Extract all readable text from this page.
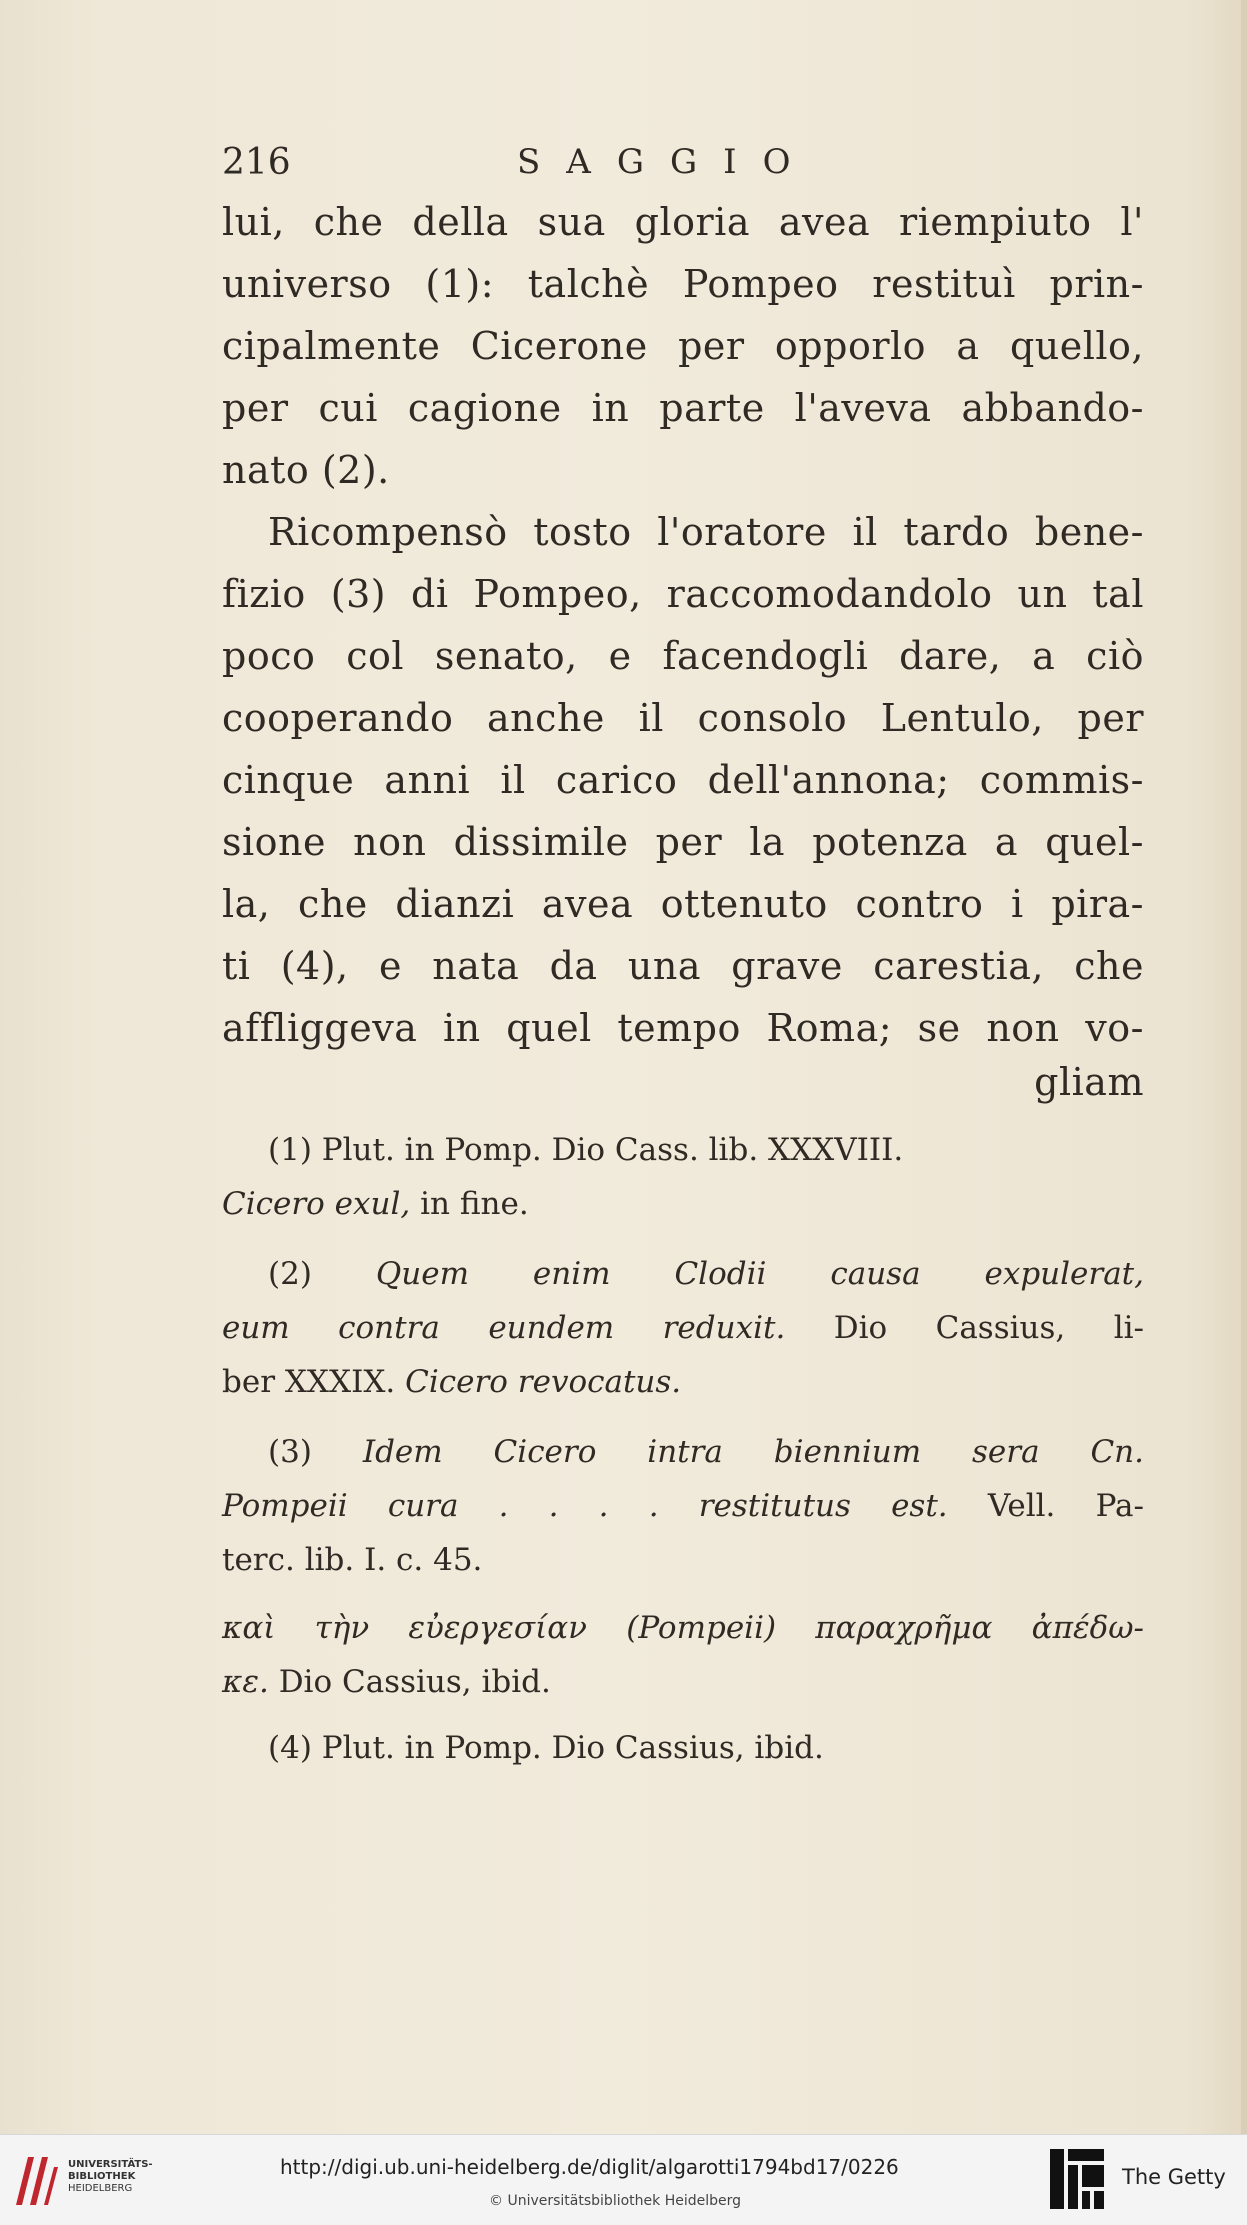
216	SAGGIO
lui, che della sua gloria avea riempiuto l'
universo (1): talchè Pompeo restituì prin-
cipalmente Cicerone per opporlo a quello,
per cui cagione in parte l'aveva abbando-
nato (2).
Ricompensò tosto l'oratore il tardo bene-
fizio (3) di Pompeo, raccomodandolo un tal
poco col senato, e facendogli dare, a ciò
cooperando anche il consolo Lentulo, per
cinque anni il carico dell'annona; commis-
sione non dissimile per la potenza a quel-
la, che dianzi avea ottenuto contro i pira-
ti (4), e nata da una grave carestia, che
affliggeva in quel tempo Roma; se non vo-
gliam
(1) Plut. in Pomp. Dio Cass. lib. XXXVIII.
Cicero exul, in fine.
(2) Quem enim Clodii causa expulerat,
eum contra eundem reduxit. Dio Cassius, li-
ber XXXIX. Cicero revocatus.
(3) Idem Cicero intra biennium sera Cn.
Pompeii cura . . . . restitutus est. Vell. Pa-
terc. lib. I. c. 45.
καὶ τὴν εὐεργεσίαν (Pompeii) παραχρῆμα ἀπέδω-
κε. Dio Cassius, ibid.
(4) Plut. in Pomp. Dio Cassius, ibid.
UNIVERSITÄTS-
BIBLIOTHEK
HEIDELBERG
http://digi.ub.uni-heidelberg.de/diglit/algarotti1794bd17/0226
© Universitätsbibliothek Heidelberg
The Getty
